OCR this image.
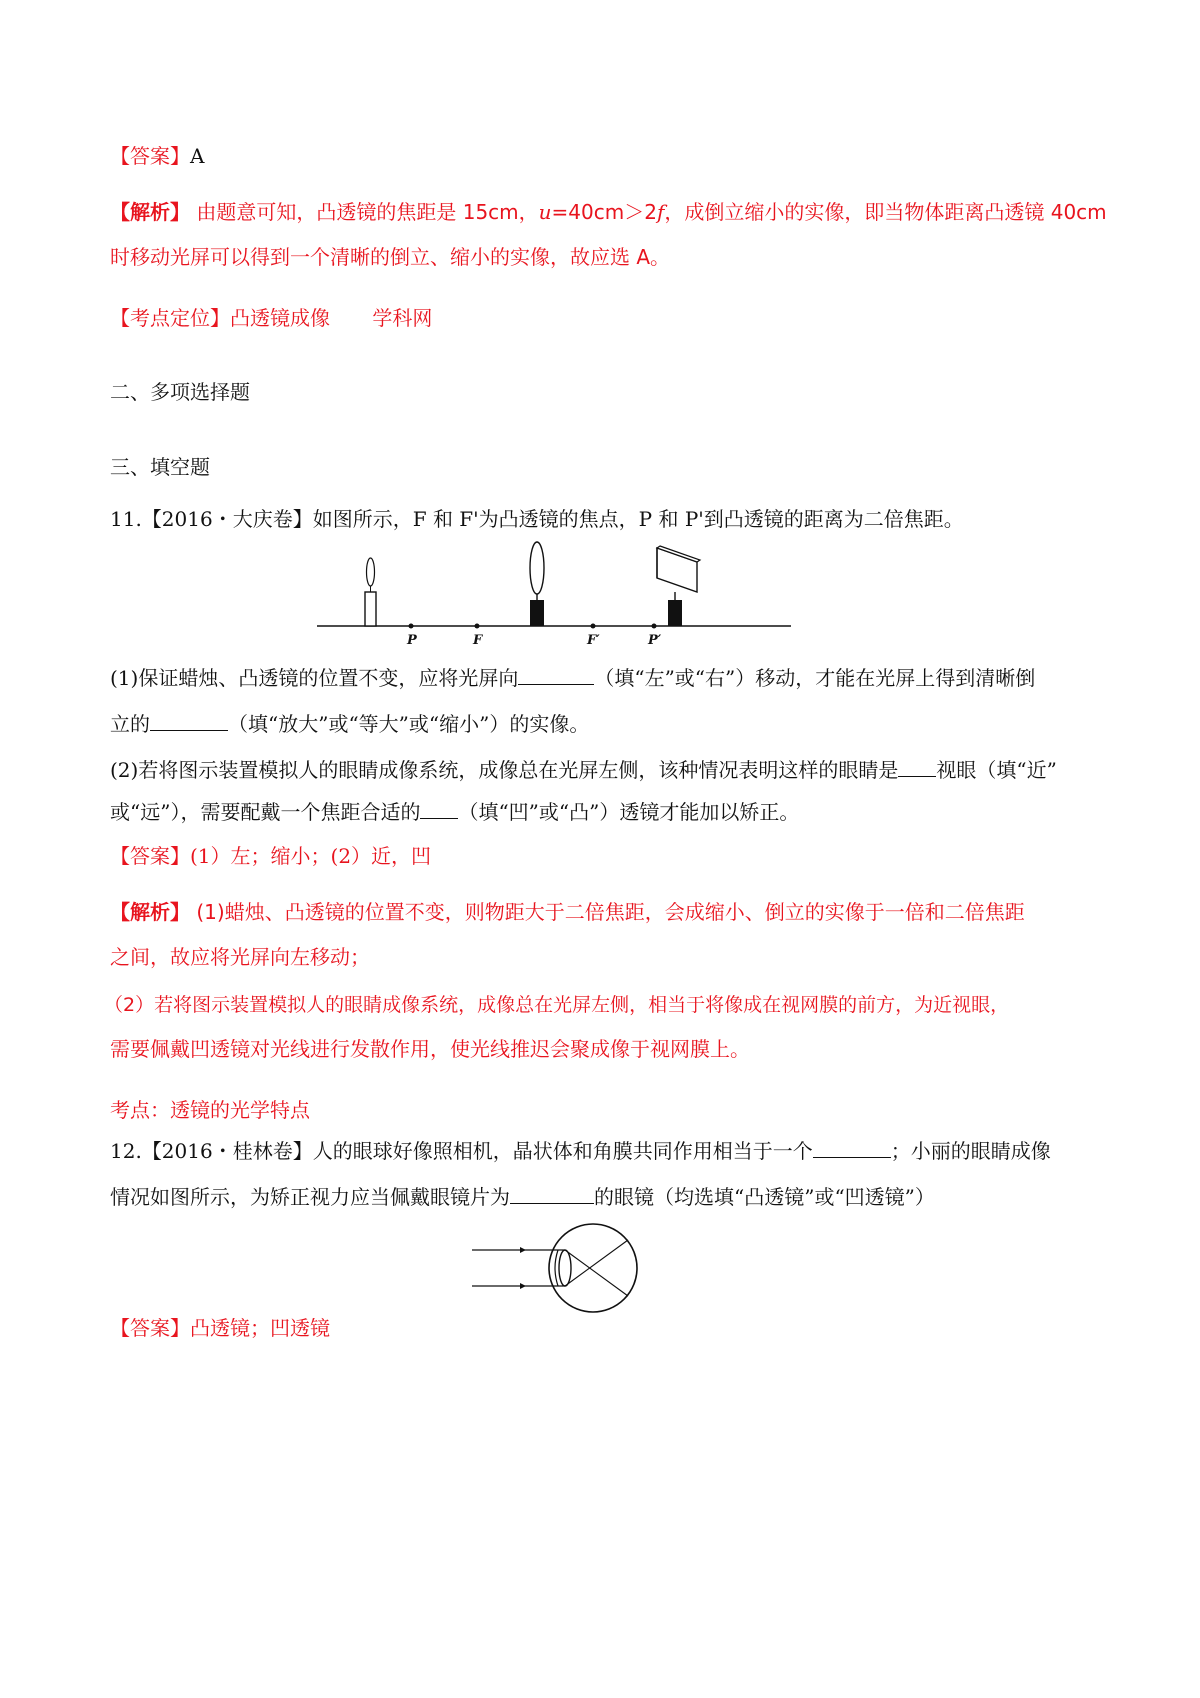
【答案】A
【解析】 由题意可知，凸透镜的焦距是 15cm，u=40cm＞2f，成倒立缩小的实像，即当物体距离凸透镜 40cm
时移动光屏可以得到一个清晰的倒立、缩小的实像，故应选 A。
【考点定位】凸透镜成像 学科网
二、多项选择题
三、填空题
11.【2016・大庆卷】如图所示，F 和 F'为凸透镜的焦点，P 和 P'到凸透镜的距离为二倍焦距。
P	F	F′	P′
(1)保证蜡烛、凸透镜的位置不变，应将光屏向	（填“左”或“右”）移动，才能在光屏上得到清晰倒
立的	（填“放大”或“等大”或“缩小”）的实像。
(2)若将图示装置模拟人的眼睛成像系统，成像总在光屏左侧，该种情况表明这样的眼睛是 视眼（填“近”
或“远”），需要配戴一个焦距合适的 （填“凹”或“凸”）透镜才能加以矫正。
【答案】(1）左；缩小；(2）近，凹
【解析】 (1)蜡烛、凸透镜的位置不变，则物距大于二倍焦距，会成缩小、倒立的实像于一倍和二倍焦距
之间，故应将光屏向左移动；
（2）若将图示装置模拟人的眼睛成像系统，成像总在光屏左侧，相当于将像成在视网膜的前方，为近视眼，
需要佩戴凹透镜对光线进行发散作用，使光线推迟会聚成像于视网膜上。
考点：透镜的光学特点
12.【2016・桂林卷】人的眼球好像照相机，晶状体和角膜共同作用相当于一个	；小丽的眼睛成像
情况如图所示，为矫正视力应当佩戴眼镜片为	的眼镜（均选填“凸透镜”或“凹透镜”）
【答案】凸透镜；凹透镜
